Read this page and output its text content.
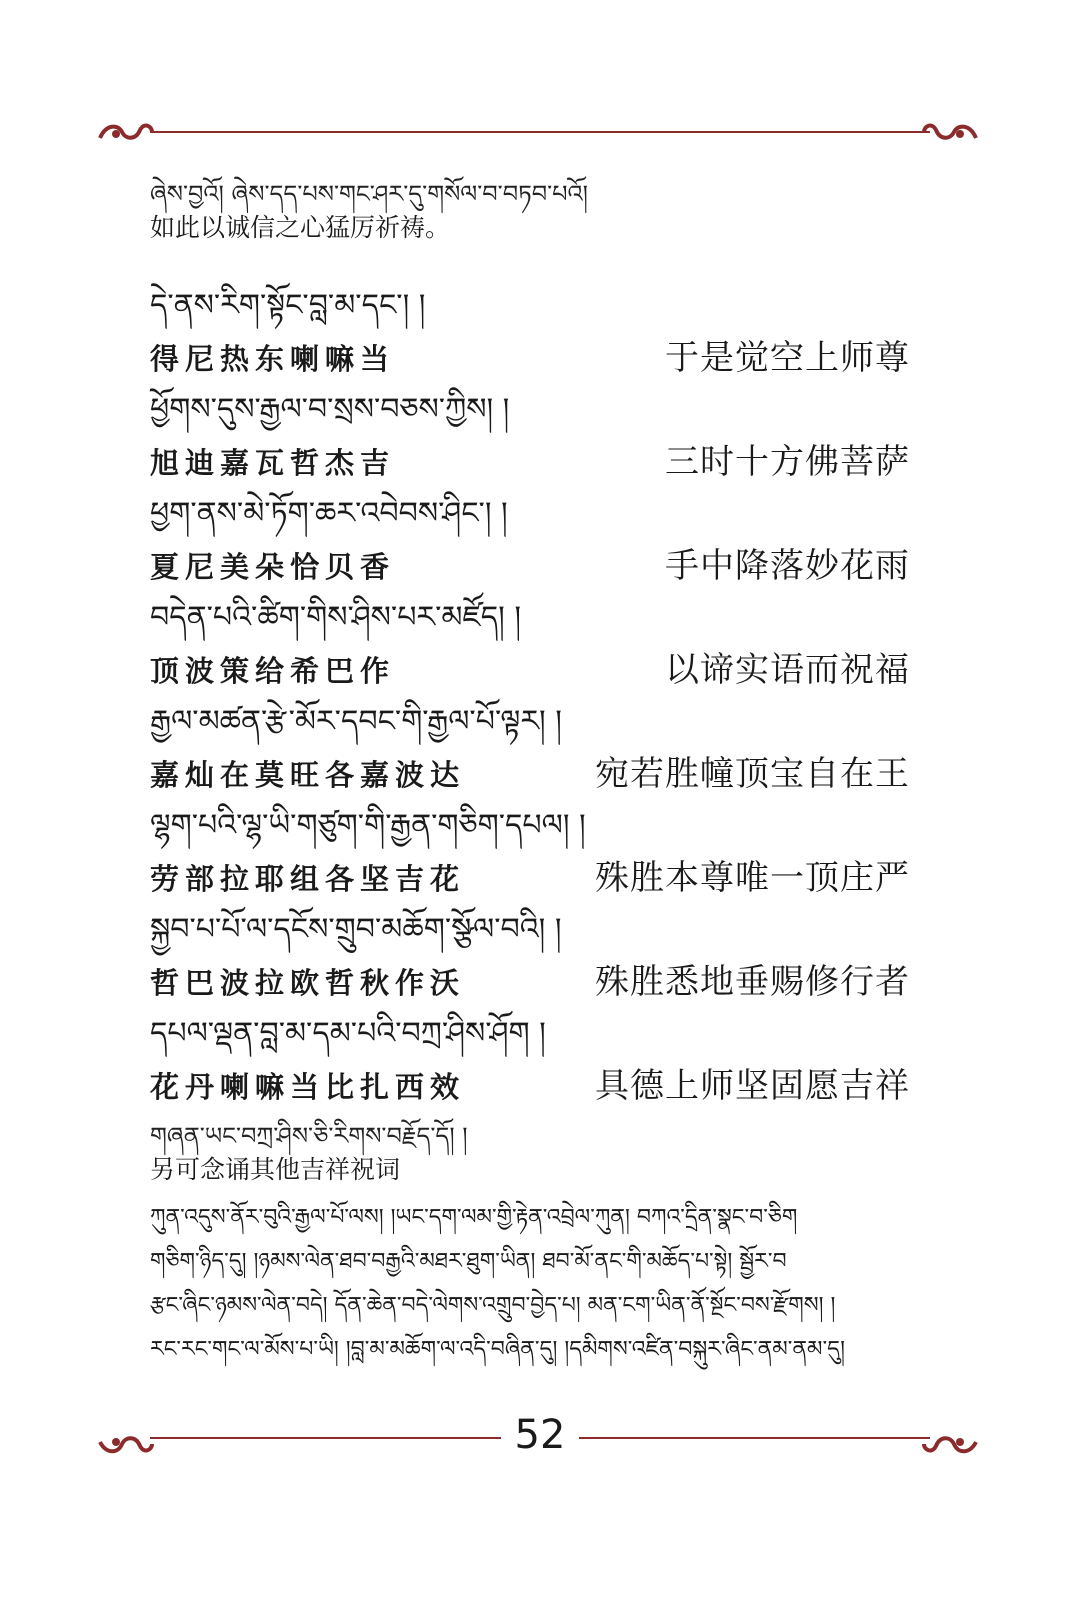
ཞེས་བྱའོ། ཞེས་དད་པས་གང་ཤར་དུ་གསོལ་བ་བཏབ་པའོ།
如此以诚信之心猛厉祈祷。
དེ་ནས་རིག་སྟོང་བླ་མ་དང་། །
得尼热东喇嘛当	于是觉空上师尊
ཕྱོགས་དུས་རྒྱལ་བ་སྲས་བཅས་ཀྱིས། །
旭迪嘉瓦哲杰吉	三时十方佛菩萨
ཕྱག་ནས་མེ་ཏོག་ཆར་འབེབས་ཤིང་། །
夏尼美朵恰贝香	手中降落妙花雨
བདེན་པའི་ཚིག་གིས་ཤིས་པར་མཛོད། །
顶波策给希巴作	以谛实语而祝福
རྒྱལ་མཚན་རྩེ་མོར་དབང་གི་རྒྱལ་པོ་ལྟར། །
嘉灿在莫旺各嘉波达	宛若胜幢顶宝自在王
ལྷག་པའི་ལྷ་ཡི་གཙུག་གི་རྒྱན་གཅིག་དཔལ། །
劳部拉耶组各坚吉花	殊胜本尊唯一顶庄严
སྐྱབ་པ་པོ་ལ་དངོས་གྲུབ་མཆོག་སྩོལ་བའི། །
哲巴波拉欧哲秋作沃	殊胜悉地垂赐修行者
དཔལ་ལྡན་བླ་མ་དམ་པའི་བཀྲ་ཤིས་ཤོག །
花丹喇嘛当比扎西效	具德上师坚固愿吉祥
གཞན་ཡང་བཀྲ་ཤིས་ཅི་རིགས་བརྗོད་དོ། །
另可念诵其他吉祥祝词
ཀུན་འདུས་ནོར་བུའི་རྒྱལ་པོ་ལས། །ཡང་དག་ལམ་གྱི་རྟེན་འབྲེལ་ཀུན། བཀའ་དྲིན་སྣང་བ་ཅིག
གཅིག་ཉིད་དུ། །ཉམས་ལེན་ཐབ་བརྒྱའི་མཐར་ཐུག་ཡིན། ཐབ་མོ་ནང་གི་མཆོད་པ་སྟེ། སྦྱོར་བ
རྩང་ཞིང་ཉམས་ལེན་བདེ། དོན་ཆེན་བདེ་ལེགས་འགྲུབ་བྱེད་པ། མན་ངག་ཡིན་ནོ་སྔོང་བས་རྫོགས། །
རང་རང་གང་ལ་མོས་པ་ཡི། །བླ་མ་མཆོག་ལ་འདི་བཞིན་དུ། །དམིགས་འཛིན་བསྐུར་ཞིང་ནམ་ནམ་དུ།
52
